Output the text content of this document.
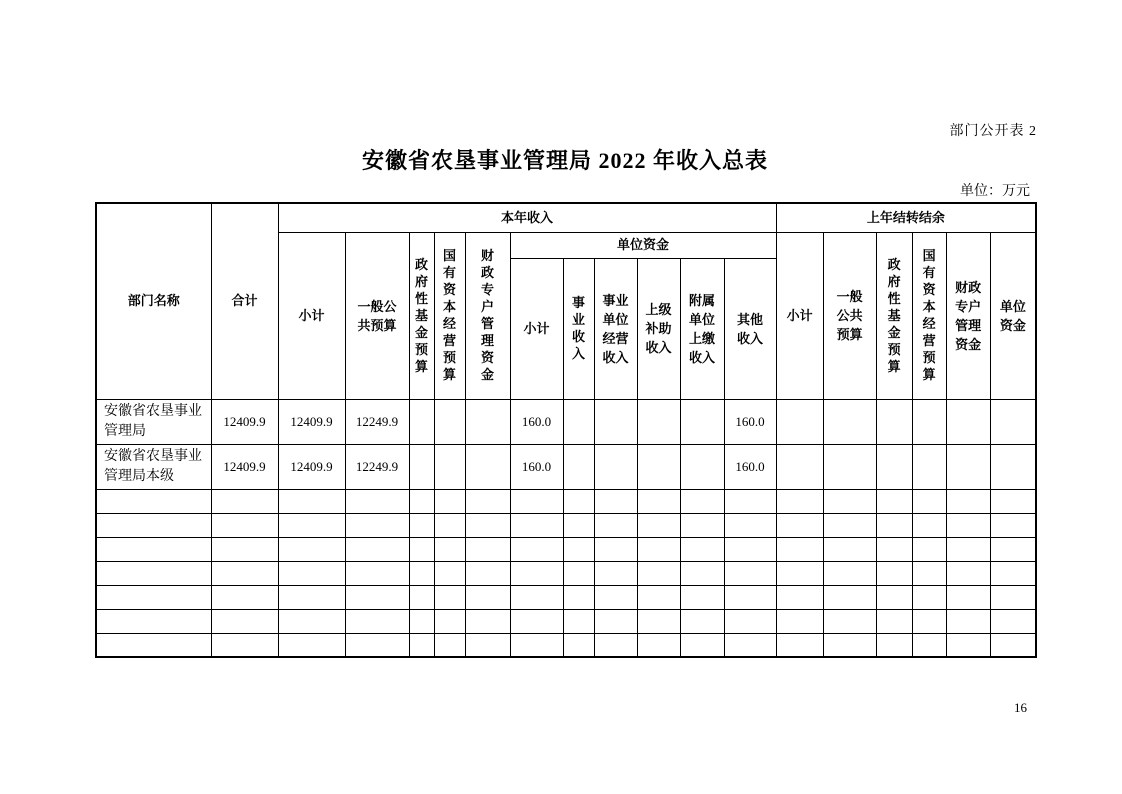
部门公开表 2
安徽省农垦事业管理局 2022 年收入总表
单位：万元
部门名称	合计	本年收入											上年结转结余					
		小计	一般公共预算	政府性基金预算	国有资本经营预算	财政专户管理资金	单位资金						小计	一般公共预算	政府性基金预算	国有资本经营预算	财政专户管理资金	单位资金
							小计	事业收入	事业单位经营收入	上级补助收入	附属单位上缴收入	其他收入						
安徽省农垦事业管理局	12409.9	12409.9	12249.9				160.0					160.0						
安徽省农垦事业管理局本级	12409.9	12409.9	12249.9				160.0					160.0						

16
